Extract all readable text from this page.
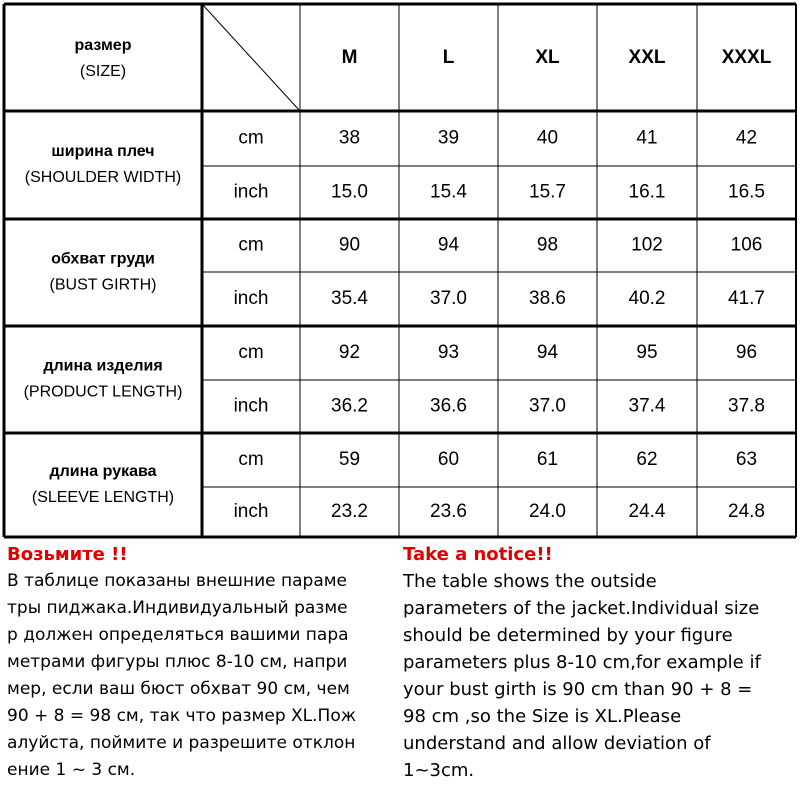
размер
(SIZE)
M	L	XL	XXL	XXXL
ширина плеч
(SHOULDER WIDTH)
cm	38	39	40	41	42
inch	15.0	15.4	15.7	16.1	16.5
обхват груди
(BUST GIRTH)
cm	90	94	98	102	106
inch	35.4	37.0	38.6	40.2	41.7
длина изделия
(PRODUCT LENGTH)
cm	92	93	94	95	96
inch	36.2	36.6	37.0	37.4	37.8
длина рукава
(SLEEVE LENGTH)
cm	59	60	61	62	63
inch	23.2	23.6	24.0	24.4	24.8
Возьмите !!
В таблице показаны внешние параме
тры пиджака.Индивидуальный разме
р должен определяться вашими пара
метрами фигуры плюс 8-10 см, напри
мер, если ваш бюст обхват 90 см, чем
90 + 8 = 98 см, так что размер XL.Пож
алуйста, поймите и разрешите отклон
ение 1 ~ 3 см.
Take a notice!!
The table shows the outside
parameters of the jacket.Individual size
should be determined by your figure
parameters plus 8-10 cm,for example if
your bust girth is 90 cm than 90 + 8 =
98 cm ,so the Size is XL.Please
understand and allow deviation of
1~3cm.
